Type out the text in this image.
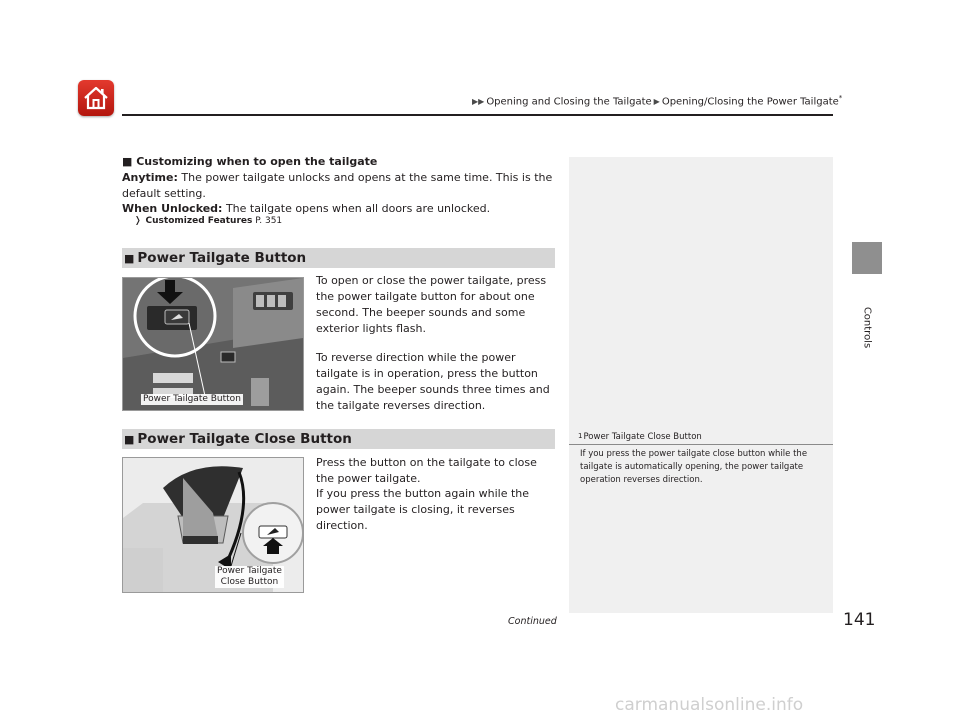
▶▶ Opening and Closing the Tailgate ▶ Opening/Closing the Power Tailgate*
Controls
$^1$Power Tailgate Close Button
If you press the power tailgate close button while the tailgate is automatically opening, the power tailgate operation reverses direction.
■ Customizing when to open the tailgate
Anytime: The power tailgate unlocks and opens at the same time. This is the default setting.
When Unlocked: The tailgate opens when all doors are unlocked.
❭ Customized Features P. 351
■ Power Tailgate Button
Power Tailgate Button
To open or close the power tailgate, press the power tailgate button for about one second. The beeper sounds and some exterior lights flash.
To reverse direction while the power tailgate is in operation, press the button again. The beeper sounds three times and the tailgate reverses direction.
■ Power Tailgate Close Button
Power Tailgate
Close Button
Press the button on the tailgate to close the power tailgate.
If you press the button again while the power tailgate is closing, it reverses direction.
Continued	141
carmanualsonline.info
